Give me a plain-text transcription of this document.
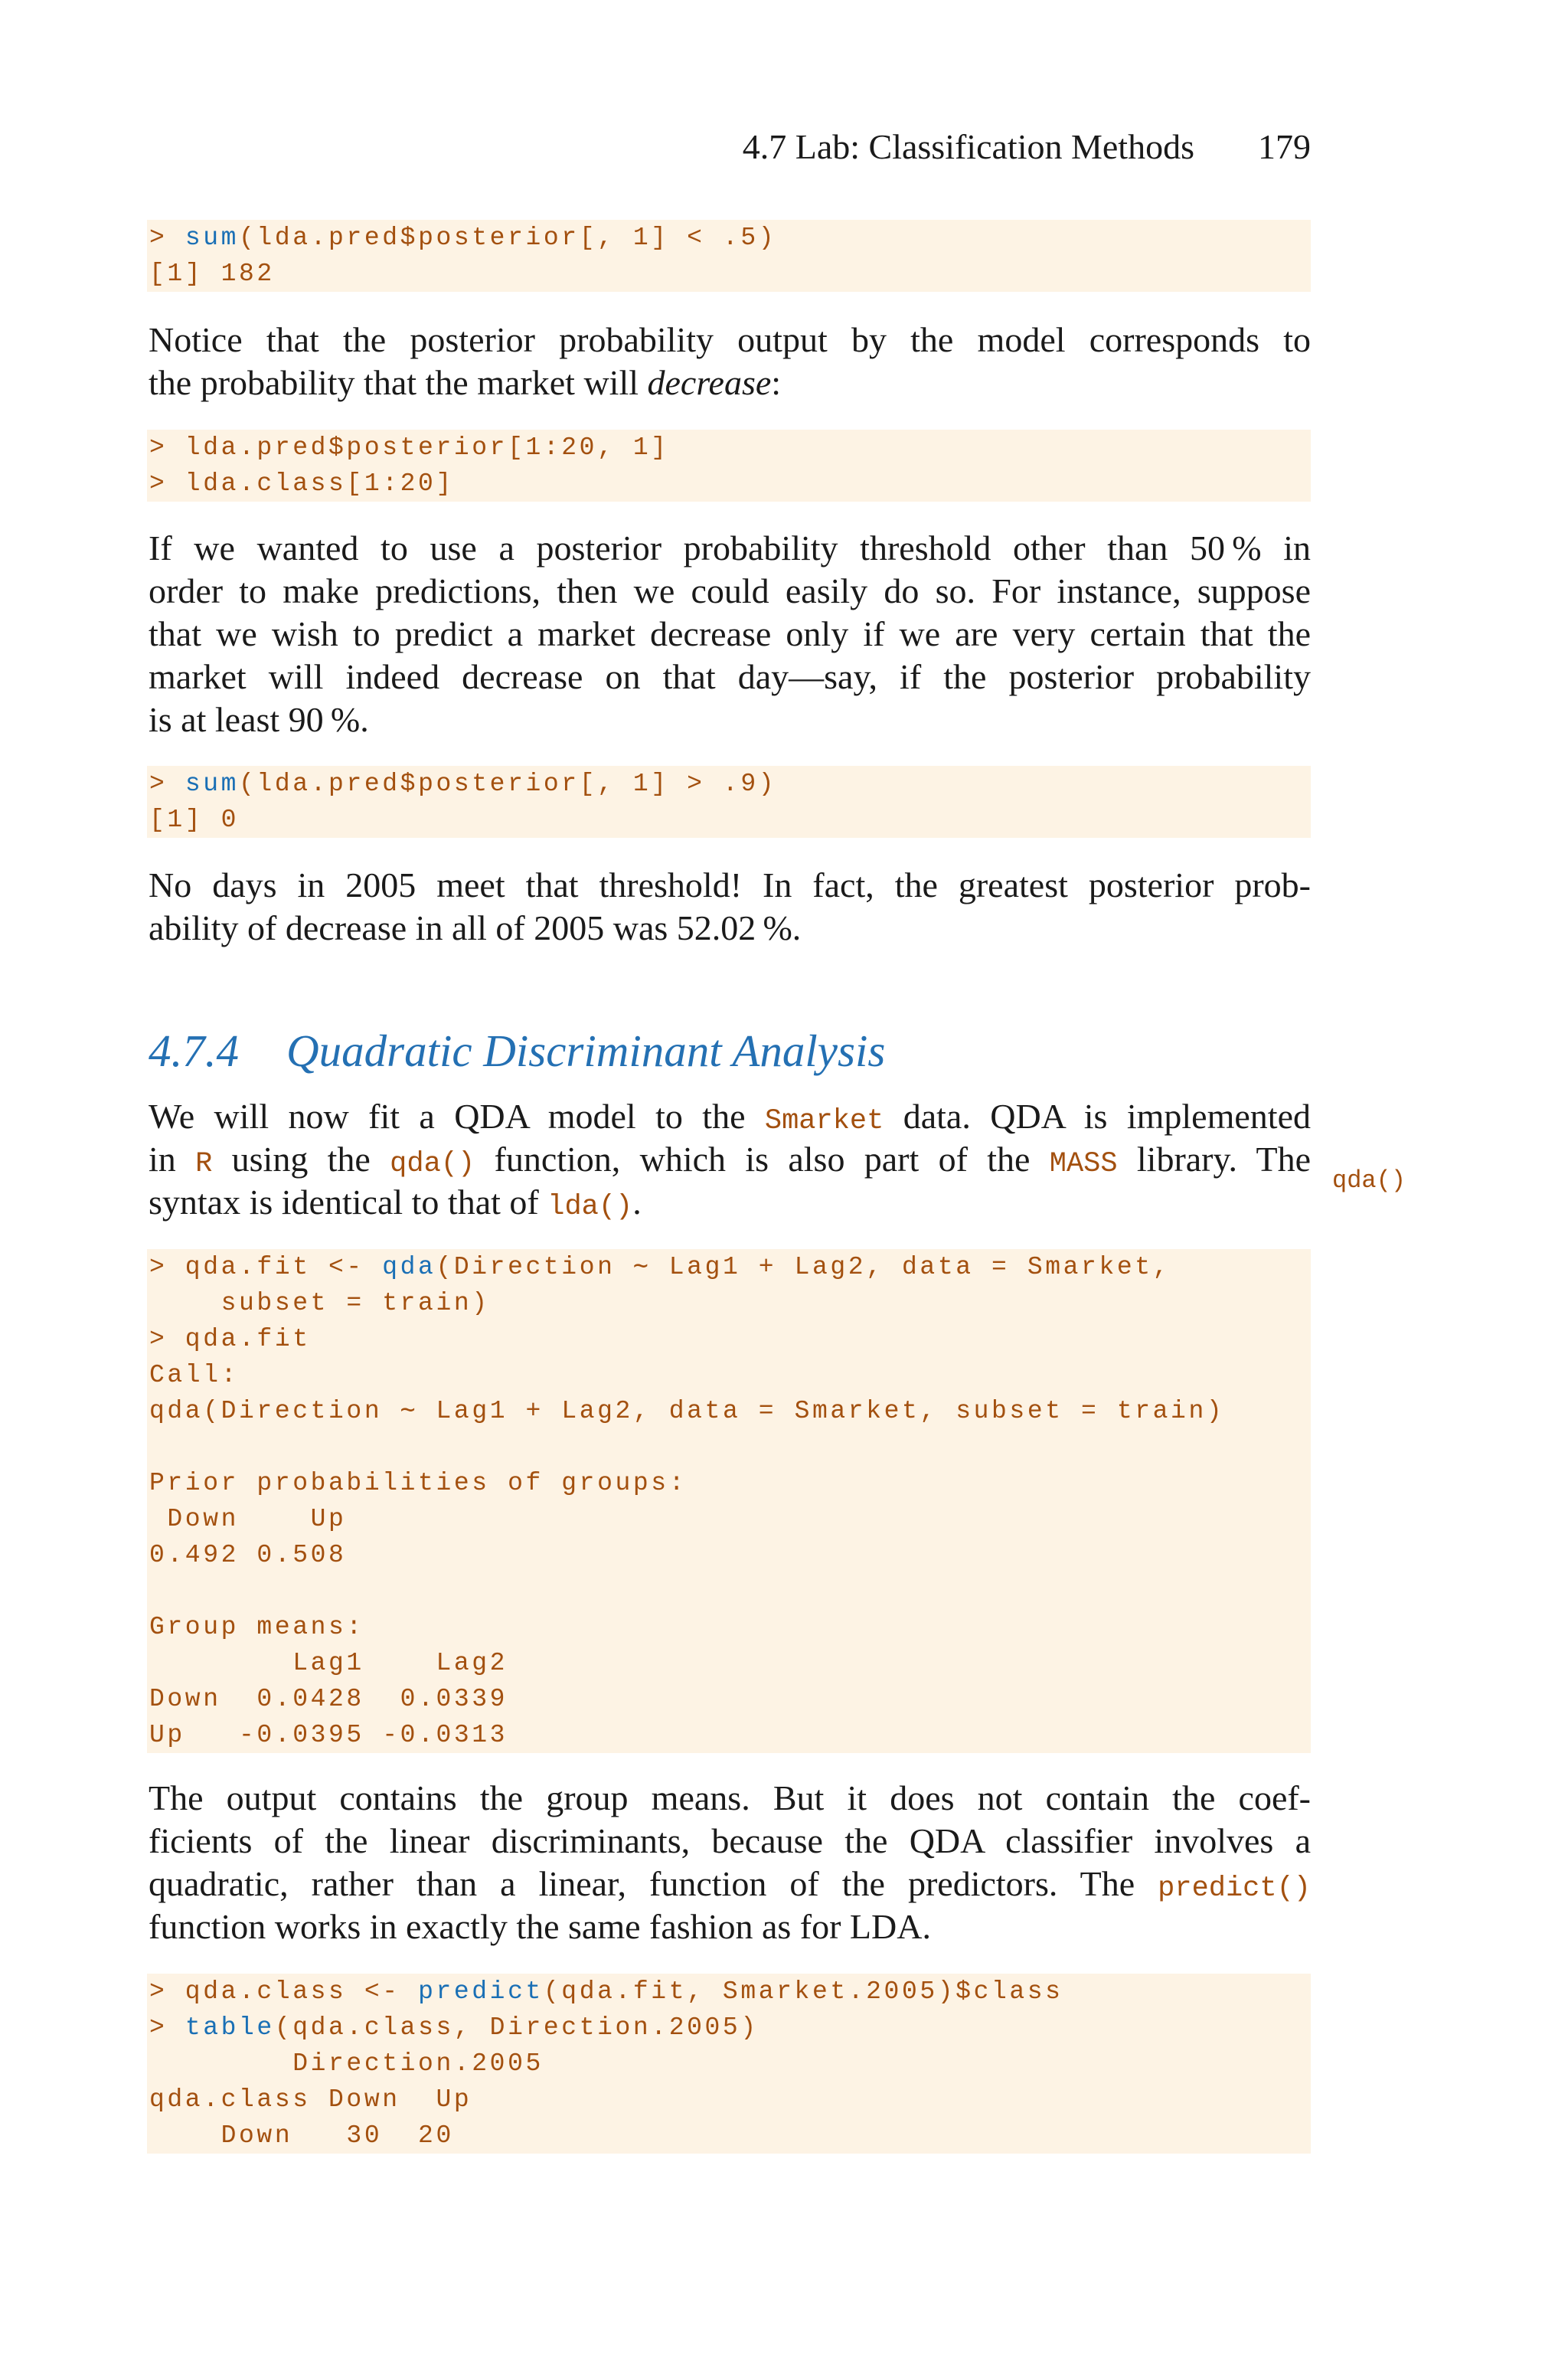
4.7 Lab: Classification Methods 179
> sum(lda.pred$posterior[, 1] < .5)
[1] 182
Notice that the posterior probability output by the model corresponds to
the probability that the market will decrease:
> lda.pred$posterior[1:20, 1]
> lda.class[1:20]
If we wanted to use a posterior probability threshold other than 50 % in
order to make predictions, then we could easily do so. For instance, suppose
that we wish to predict a market decrease only if we are very certain that the
market will indeed decrease on that day—say, if the posterior probability
is at least 90 %.
> sum(lda.pred$posterior[, 1] > .9)
[1] 0
No days in 2005 meet that threshold! In fact, the greatest posterior prob-
ability of decrease in all of 2005 was 52.02 %.
4.7.4 Quadratic Discriminant Analysis
We will now fit a QDA model to the Smarket data. QDA is implemented
in R using the qda() function, which is also part of the MASS library. The
syntax is identical to that of lda().
qda()
> qda.fit <- qda(Direction ∼ Lag1 + Lag2, data = Smarket,
subset = train)
> qda.fit
Call:
qda(Direction ∼ Lag1 + Lag2, data = Smarket, subset = train)
Prior probabilities of groups:
Down    Up
0.492 0.508
Group means:
Lag1    Lag2
Down  0.0428  0.0339
Up   -0.0395 -0.0313
The output contains the group means. But it does not contain the coef-
ficients of the linear discriminants, because the QDA classifier involves a
quadratic, rather than a linear, function of the predictors. The predict()
function works in exactly the same fashion as for LDA.
> qda.class <- predict(qda.fit, Smarket.2005)$class
> table(qda.class, Direction.2005)
Direction.2005
qda.class Down  Up
Down   30  20
